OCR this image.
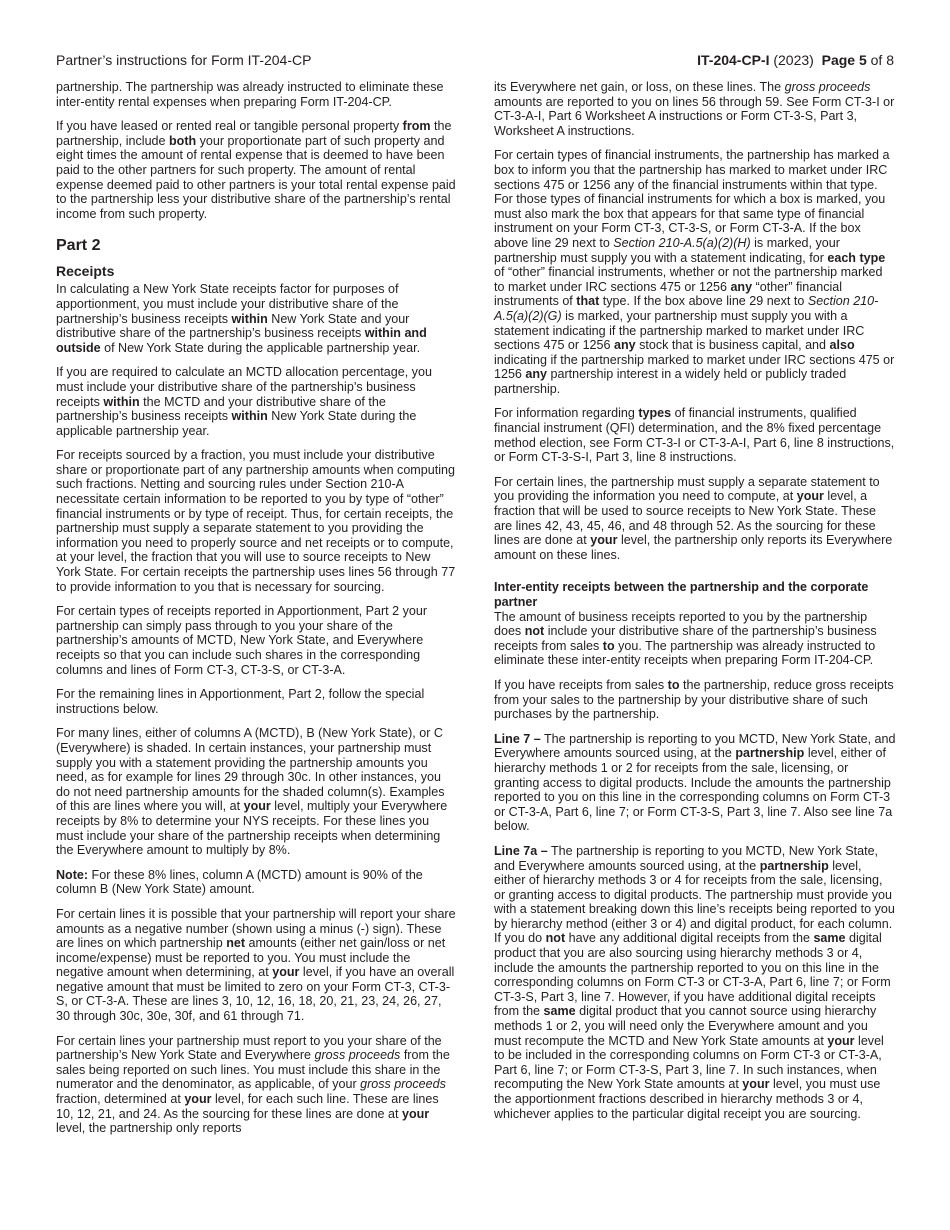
Partner’s instructions for Form IT-204-CP	IT-204-CP-I (2023) Page 5 of 8

partnership. The partnership was already instructed to eliminate these inter-entity rental expenses when preparing Form IT-204-CP.

If you have leased or rented real or tangible personal property from the partnership, include both your proportionate part of such property and eight times the amount of rental expense that is deemed to have been paid to the other partners for such property. The amount of rental expense deemed paid to other partners is your total rental expense paid to the partnership less your distributive share of the partnership’s rental income from such property.

Part 2
Receipts

In calculating a New York State receipts factor for purposes of apportionment, you must include your distributive share of the partnership’s business receipts within New York State and your distributive share of the partnership’s business receipts within and outside of New York State during the applicable partnership year.

If you are required to calculate an MCTD allocation percentage, you must include your distributive share of the partnership’s business receipts within the MCTD and your distributive share of the partnership’s business receipts within New York State during the applicable partnership year.

For receipts sourced by a fraction, you must include your distributive share or proportionate part of any partnership amounts when computing such fractions. Netting and sourcing rules under Section 210-A necessitate certain information to be reported to you by type of “other” financial instruments or by type of receipt. Thus, for certain receipts, the partnership must supply a separate statement to you providing the information you need to properly source and net receipts or to compute, at your level, the fraction that you will use to source receipts to New York State. For certain receipts the partnership uses lines 56 through 77 to provide information to you that is necessary for sourcing.

For certain types of receipts reported in Apportionment, Part 2 your partnership can simply pass through to you your share of the partnership’s amounts of MCTD, New York State, and Everywhere receipts so that you can include such shares in the corresponding columns and lines of Form CT-3, CT-3-S, or CT-3-A.

For the remaining lines in Apportionment, Part 2, follow the special instructions below.

For many lines, either of columns A (MCTD), B (New York State), or C (Everywhere) is shaded. In certain instances, your partnership must supply you with a statement providing the partnership amounts you need, as for example for lines 29 through 30c. In other instances, you do not need partnership amounts for the shaded column(s). Examples of this are lines where you will, at your level, multiply your Everywhere receipts by 8% to determine your NYS receipts. For these lines you must include your share of the partnership receipts when determining the Everywhere amount to multiply by 8%.

Note: For these 8% lines, column A (MCTD) amount is 90% of the column B (New York State) amount.

For certain lines it is possible that your partnership will report your share amounts as a negative number (shown using a minus (-) sign). These are lines on which partnership net amounts (either net gain/loss or net income/expense) must be reported to you. You must include the negative amount when determining, at your level, if you have an overall negative amount that must be limited to zero on your Form CT-3, CT-3-S, or CT-3-A. These are lines 3, 10, 12, 16, 18, 20, 21, 23, 24, 26, 27, 30 through 30c, 30e, 30f, and 61 through 71.

For certain lines your partnership must report to you your share of the partnership’s New York State and Everywhere gross proceeds from the sales being reported on such lines. You must include this share in the numerator and the denominator, as applicable, of your gross proceeds fraction, determined at your level, for each such line. These are lines 10, 12, 21, and 24. As the sourcing for these lines are done at your level, the partnership only reports

its Everywhere net gain, or loss, on these lines. The gross proceeds amounts are reported to you on lines 56 through 59. See Form CT-3-I or CT-3-A-I, Part 6 Worksheet A instructions or Form CT-3-S, Part 3, Worksheet A instructions.

For certain types of financial instruments, the partnership has marked a box to inform you that the partnership has marked to market under IRC sections 475 or 1256 any of the financial instruments within that type. For those types of financial instruments for which a box is marked, you must also mark the box that appears for that same type of financial instrument on your Form CT-3, CT-3-S, or Form CT-3-A. If the box above line 29 next to Section 210-A.5(a)(2)(H) is marked, your partnership must supply you with a statement indicating, for each type of “other” financial instruments, whether or not the partnership marked to market under IRC sections 475 or 1256 any “other” financial instruments of that type. If the box above line 29 next to Section 210-A.5(a)(2)(G) is marked, your partnership must supply you with a statement indicating if the partnership marked to market under IRC sections 475 or 1256 any stock that is business capital, and also indicating if the partnership marked to market under IRC sections 475 or 1256 any partnership interest in a widely held or publicly traded partnership.

For information regarding types of financial instruments, qualified financial instrument (QFI) determination, and the 8% fixed percentage method election, see Form CT-3-I or CT-3-A-I, Part 6, line 8 instructions, or Form CT-3-S-I, Part 3, line 8 instructions.

For certain lines, the partnership must supply a separate statement to you providing the information you need to compute, at your level, a fraction that will be used to source receipts to New York State. These are lines 42, 43, 45, 46, and 48 through 52. As the sourcing for these lines are done at your level, the partnership only reports its Everywhere amount on these lines.

Inter-entity receipts between the partnership and the corporate partner

The amount of business receipts reported to you by the partnership does not include your distributive share of the partnership’s business receipts from sales to you. The partnership was already instructed to eliminate these inter-entity receipts when preparing Form IT-204-CP.

If you have receipts from sales to the partnership, reduce gross receipts from your sales to the partnership by your distributive share of such purchases by the partnership.

Line 7 – The partnership is reporting to you MCTD, New York State, and Everywhere amounts sourced using, at the partnership level, either of hierarchy methods 1 or 2 for receipts from the sale, licensing, or granting access to digital products. Include the amounts the partnership reported to you on this line in the corresponding columns on Form CT-3 or CT-3-A, Part 6, line 7; or Form CT-3-S, Part 3, line 7. Also see line 7a below.

Line 7a – The partnership is reporting to you MCTD, New York State, and Everywhere amounts sourced using, at the partnership level, either of hierarchy methods 3 or 4 for receipts from the sale, licensing, or granting access to digital products. The partnership must provide you with a statement breaking down this line’s receipts being reported to you by hierarchy method (either 3 or 4) and digital product, for each column. If you do not have any additional digital receipts from the same digital product that you are also sourcing using hierarchy methods 3 or 4, include the amounts the partnership reported to you on this line in the corresponding columns on Form CT-3 or CT-3-A, Part 6, line 7; or Form CT-3-S, Part 3, line 7. However, if you have additional digital receipts from the same digital product that you cannot source using hierarchy methods 1 or 2, you will need only the Everywhere amount and you must recompute the MCTD and New York State amounts at your level to be included in the corresponding columns on Form CT-3 or CT-3-A, Part 6, line 7; or Form CT-3-S, Part 3, line 7. In such instances, when recomputing the New York State amounts at your level, you must use the apportionment fractions described in hierarchy methods 3 or 4, whichever applies to the particular digital receipt you are sourcing.
